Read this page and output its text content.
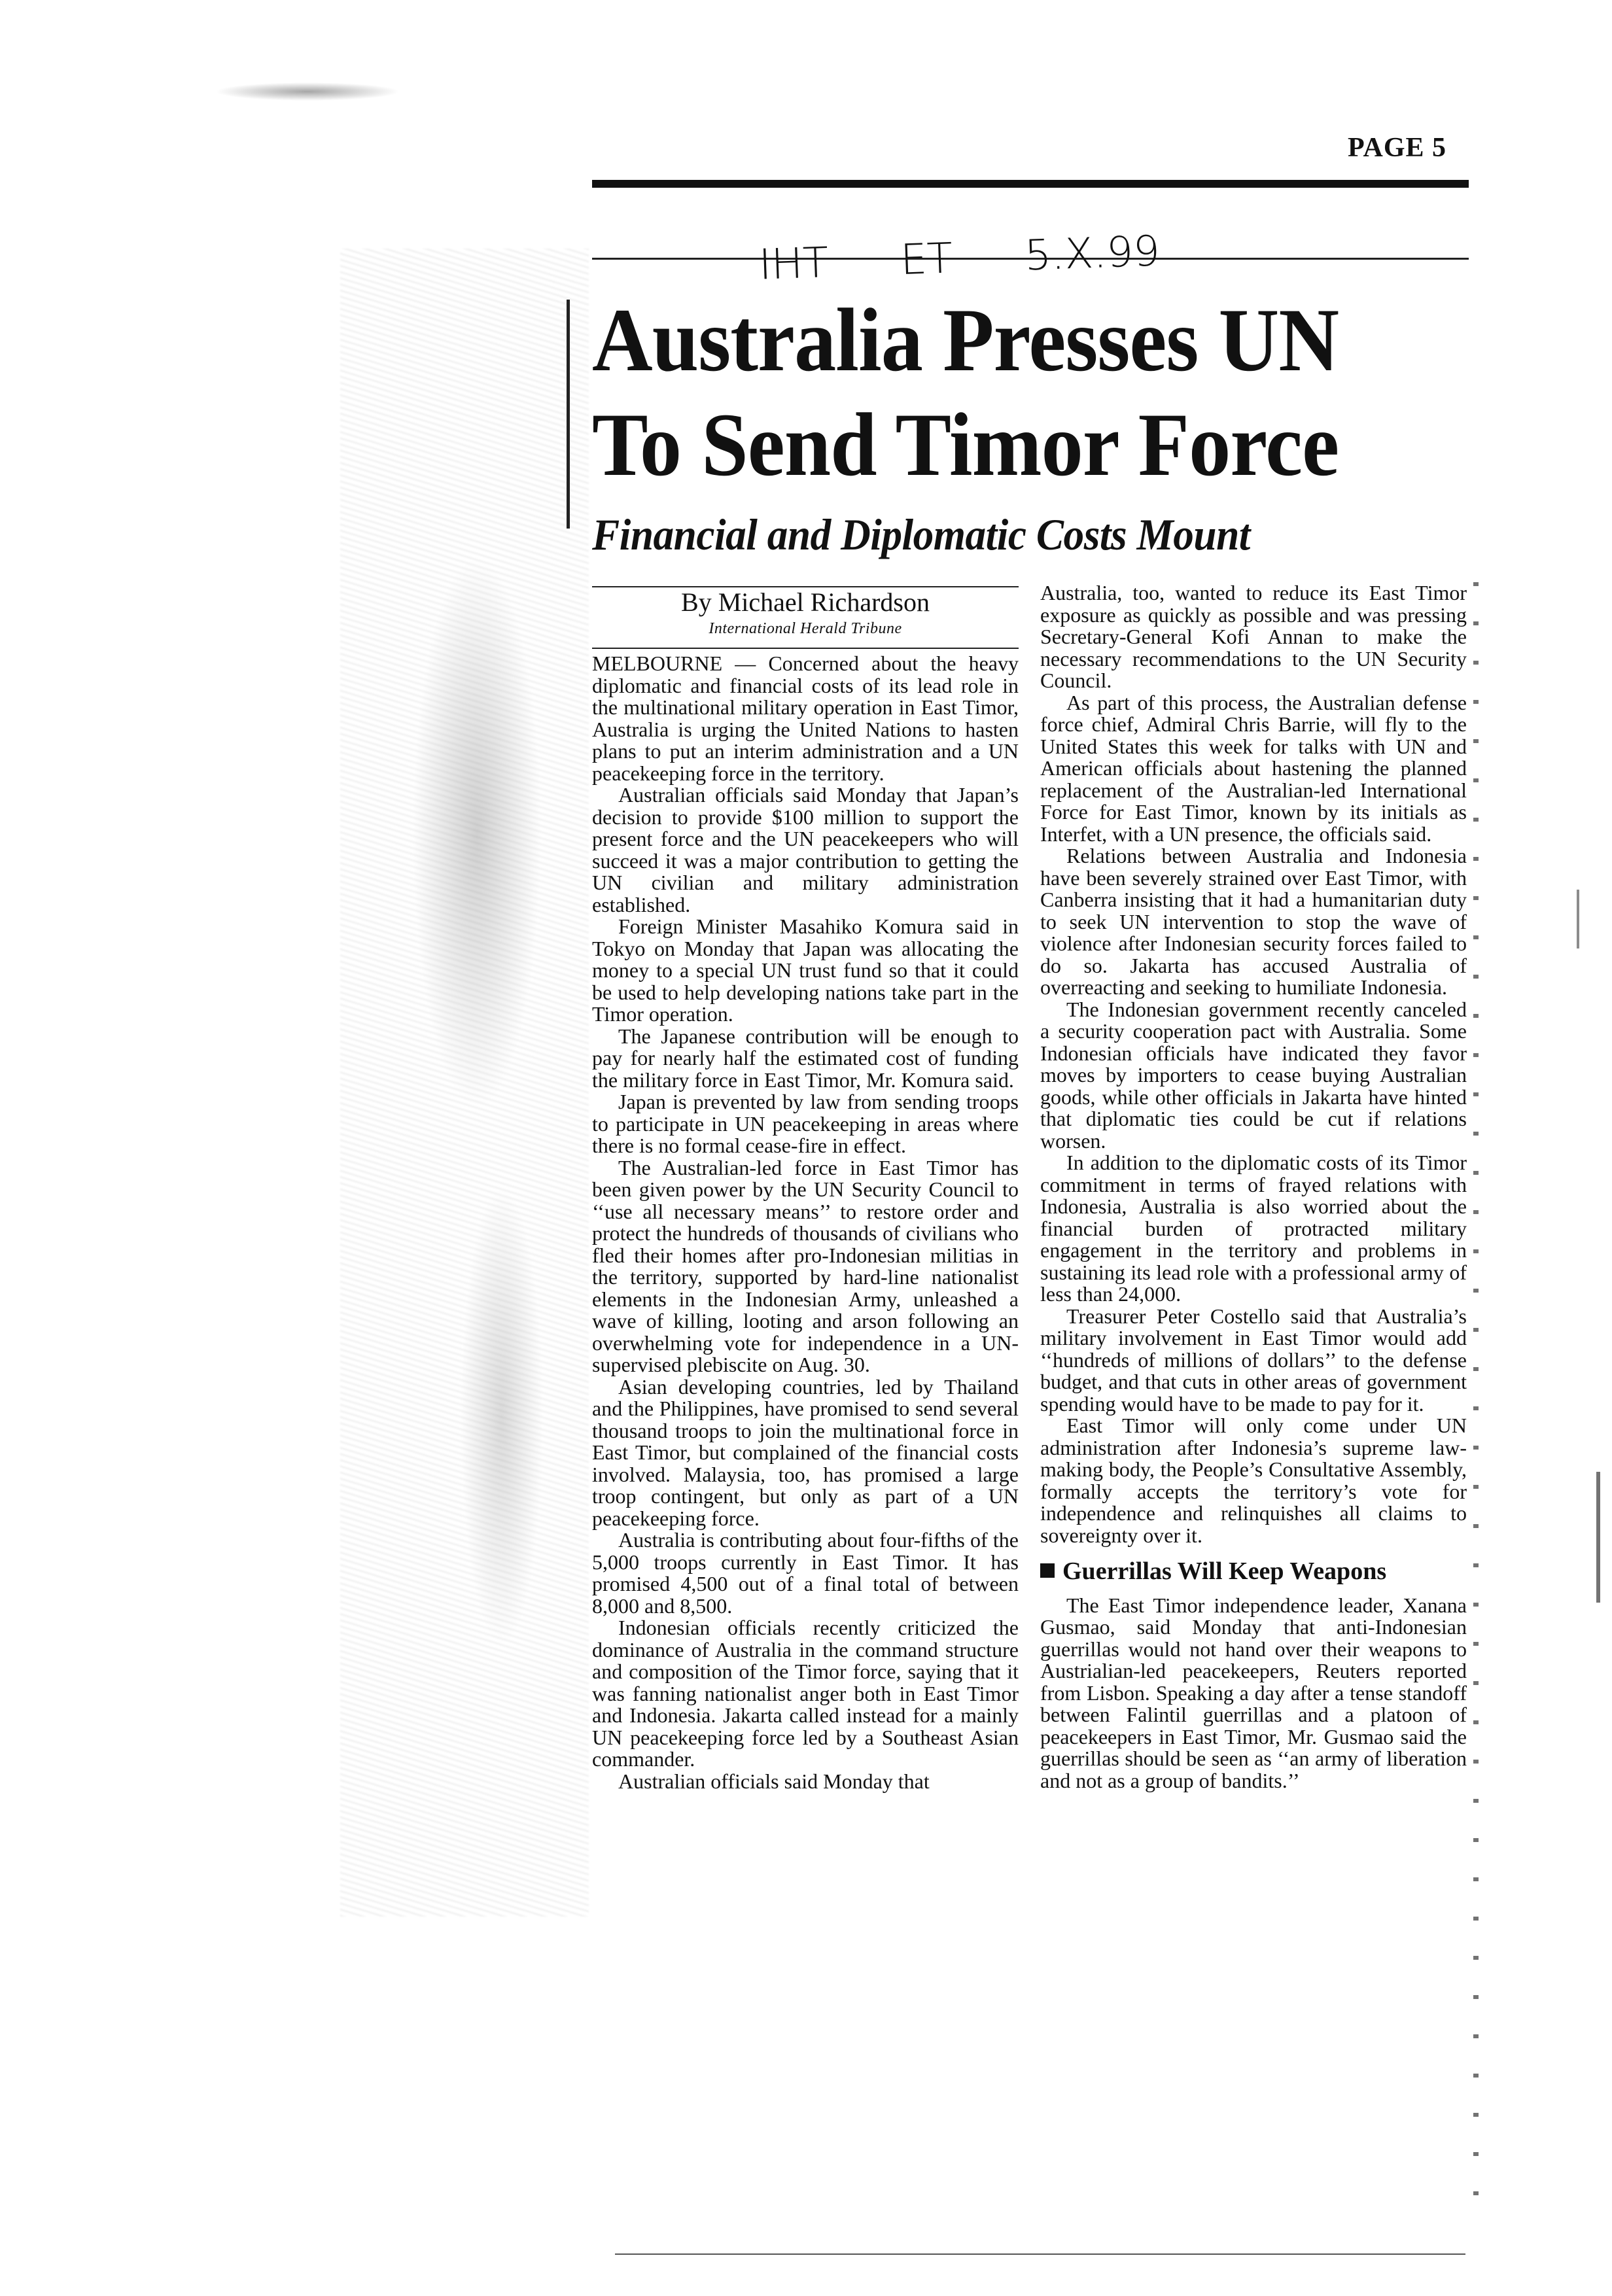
PAGE 5
IHT ET 5.X.99
Australia Presses UN
To Send Timor Force
Financial and Diplomatic Costs Mount
By Michael Richardson
International Herald Tribune

MELBOURNE — Concerned about the heavy diplomatic and financial costs of its lead role in the multinational military operation in East Timor, Australia is urging the United Nations to hasten plans to put an interim administration and a UN peacekeeping force in the territory.

Australian officials said Monday that Japan’s decision to provide $100 million to support the present force and the UN peacekeepers who will succeed it was a major contribution to getting the UN civilian and military administration established.

Foreign Minister Masahiko Komura said in Tokyo on Monday that Japan was allocating the money to a special UN trust fund so that it could be used to help developing nations take part in the Timor operation.

The Japanese contribution will be enough to pay for nearly half the estimated cost of funding the military force in East Timor, Mr. Komura said.

Japan is prevented by law from sending troops to participate in UN peacekeeping in areas where there is no formal cease-fire in effect.

The Australian-led force in East Timor has been given power by the UN Security Council to ‘‘use all necessary means’’ to restore order and protect the hundreds of thousands of civilians who fled their homes after pro-Indonesian militias in the territory, supported by hard-line nationalist elements in the Indonesian Army, unleashed a wave of killing, looting and arson following an overwhelming vote for independence in a UN-supervised plebiscite on Aug. 30.

Asian developing countries, led by Thailand and the Philippines, have promised to send several thousand troops to join the multinational force in East Timor, but complained of the financial costs involved. Malaysia, too, has promised a large troop contingent, but only as part of a UN peacekeeping force.

Australia is contributing about four-fifths of the 5,000 troops currently in East Timor. It has promised 4,500 out of a final total of between 8,000 and 8,500.

Indonesian officials recently criticized the dominance of Australia in the command structure and composition of the Timor force, saying that it was fanning nationalist anger both in East Timor and Indonesia. Jakarta called instead for a mainly UN peacekeeping force led by a Southeast Asian commander.

Australian officials said Monday that

Australia, too, wanted to reduce its East Timor exposure as quickly as possible and was pressing Secretary-General Kofi Annan to make the necessary recommendations to the UN Security Council.

As part of this process, the Australian defense force chief, Admiral Chris Barrie, will fly to the United States this week for talks with UN and American officials about hastening the planned replacement of the Australian-led International Force for East Timor, known by its initials as Interfet, with a UN presence, the officials said.

Relations between Australia and Indonesia have been severely strained over East Timor, with Canberra insisting that it had a humanitarian duty to seek UN intervention to stop the wave of violence after Indonesian security forces failed to do so. Jakarta has accused Australia of overreacting and seeking to humiliate Indonesia.

The Indonesian government recently canceled a security cooperation pact with Australia. Some Indonesian officials have indicated they favor moves by importers to cease buying Australian goods, while other officials in Jakarta have hinted that diplomatic ties could be cut if relations worsen.

In addition to the diplomatic costs of its Timor commitment in terms of frayed relations with Indonesia, Australia is also worried about the financial burden of protracted military engagement in the territory and problems in sustaining its lead role with a professional army of less than 24,000.

Treasurer Peter Costello said that Australia’s military involvement in East Timor would add ‘‘hundreds of millions of dollars’’ to the defense budget, and that cuts in other areas of government spending would have to be made to pay for it.

East Timor will only come under UN administration after Indonesia’s supreme law-making body, the People’s Consultative Assembly, formally accepts the territory’s vote for independence and relinquishes all claims to sovereignty over it.

Guerrillas Will Keep Weapons

The East Timor independence leader, Xanana Gusmao, said Monday that anti-Indonesian guerrillas would not hand over their weapons to Austrialian-led peacekeepers, Reuters reported from Lisbon. Speaking a day after a tense standoff between Falintil guerrillas and a platoon of peacekeepers in East Timor, Mr. Gusmao said the guerrillas should be seen as ‘‘an army of liberation and not as a group of bandits.’’
